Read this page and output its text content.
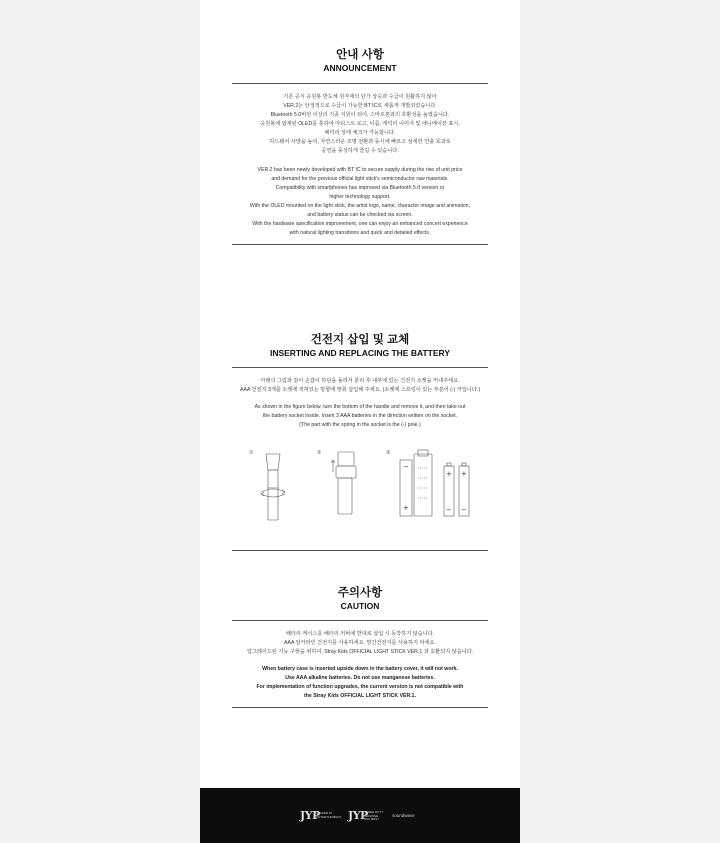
안내 사항
ANNOUNCEMENT
기존 공식 응원봉 반도체 원자재의 단가 상승과 수급이 원활하지 않아
VER.2는 안정적으로 수급이 가능한 BT IC로 새롭게 개발되었습니다.
Bluetooth 5.0버전 이상의 기종 지원이 되어, 스마트폰과의 호환성을 높였습니다.
응원봉에 탑재된 OLED를 통하여 아티스트 로고, 이름, 캐릭터 이미지 및 애니메이션 표시,
배터리 상태 체크가 가능합니다.
하드웨어 사양을 높여, 자연스러운 조명 전환과 동시에 빠르고 섬세한 연출 효과로
공연을 풍성하게 즐길 수 있습니다.
VER.2 has been newly developed with BT IC to secure supply during the rise of unit price
and demand for the previous official light stick's semiconductor raw materials.
Compatibility with smartphones has improved via Bluetooth 5.0 version or
higher technology support.
With the OLED mounted on the light stick, the artist logo, name, character image and animation,
and battery status can be checked via screen.
With the hardware specification improvement, one can enjoy an enhanced concert experience
with natural lighting transitions and quick and detailed effects.
건전지 삽입 및 교체
INSERTING AND REPLACING THE BATTERY
아래의 그림과 같이 손잡이 하단을 돌려서 분리 후 내부에 있는 건전지 소켓을 꺼내주세요.
AAA 건전지 3개를 소켓에 적혀있는 방향에 맞춰 삽입해 주세요. (소켓에 스프링이 있는 부분이 (-) 극입니다.)
As shown in the figure below, turn the bottom of the handle and remove it, and then take out
the battery socket inside. Insert 3 AAA batteries in the direction written on the socket.
(The part with the spring in the socket is the (-) pole.)
①	②	③
−
+
+ +
− −
주의사항
CAUTION
배터리 케이스를 배터리 커버에 반대로 삽입 시 동작하지 않습니다.
AAA 알카라인 건전지를 사용하세요. 망간건전지를 사용하지 마세요.
업그레이드된 기능 구현을 위하여, Stray Kids OFFICIAL LIGHT STICK VER.1 과 호환되지 않습니다.
When battery case is inserted upside down in the battery cover, it will not work.
Use AAA alkaline batteries. Do not use manganese batteries.
For implementation of function upgrades, the current version is not compatible with
the Stray Kids OFFICIAL LIGHT STICK VER.1.
JYP
LEADER IN
ENTERTAINMENT JYP
THREE DUTY
DEFENSE
AND BEST
soundwave
